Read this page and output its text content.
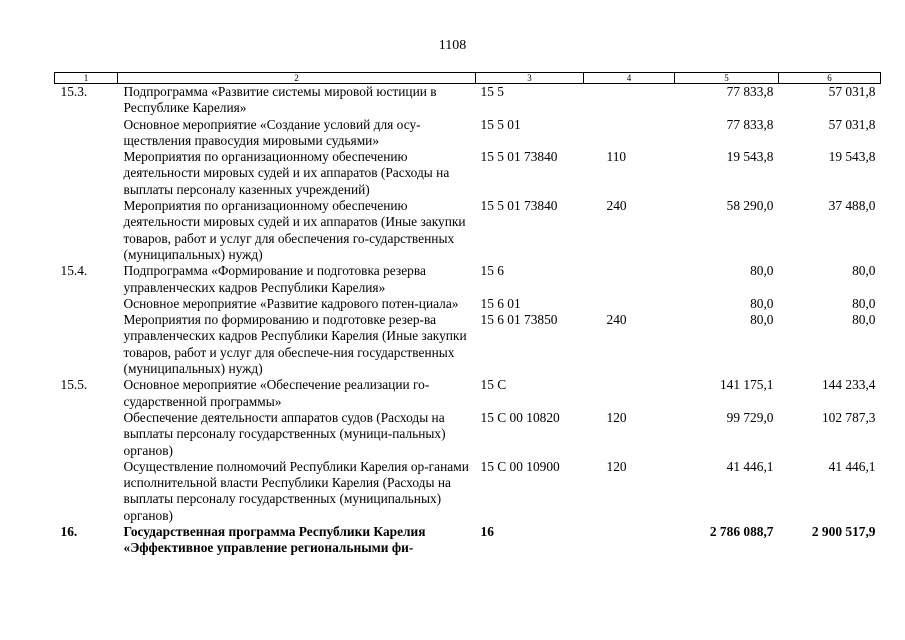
1108
1	2	3	4	5	6
15.3.	Подпрограмма «Развитие системы мировой юстиции в Республике Карелия»	15 5		77 833,8	57 031,8
	Основное мероприятие «Создание условий для осу-ществления правосудия мировыми судьями»	15 5 01		77 833,8	57 031,8
	Мероприятия по организационному обеспечению деятельности мировых судей и их аппаратов (Расходы на выплаты персоналу казенных учреждений)	15 5 01 73840	110	19 543,8	19 543,8
	Мероприятия по организационному обеспечению деятельности мировых судей и их аппаратов (Иные закупки товаров, работ и услуг для обеспечения го-сударственных (муниципальных) нужд)	15 5 01 73840	240	58 290,0	37 488,0
15.4.	Подпрограмма «Формирование и подготовка резерва управленческих кадров Республики Карелия»	15 6		80,0	80,0
	Основное мероприятие «Развитие кадрового потен-циала»	15 6 01		80,0	80,0
	Мероприятия по формированию и подготовке резер-ва управленческих кадров Республики Карелия (Иные закупки товаров, работ и услуг для обеспече-ния государственных (муниципальных) нужд)	15 6 01 73850	240	80,0	80,0
15.5.	Основное мероприятие «Обеспечение реализации го-сударственной программы»	15 С		141 175,1	144 233,4
	Обеспечение деятельности аппаратов судов (Расходы на выплаты персоналу государственных (муници-пальных) органов)	15 С 00 10820	120	99 729,0	102 787,3
	Осуществление полномочий Республики Карелия ор-ганами исполнительной власти Республики Карелия (Расходы на выплаты персоналу государственных (муниципальных) органов)	15 С 00 10900	120	41 446,1	41 446,1
16.	Государственная программа Республики Карелия «Эффективное управление региональными фи-	16		2 786 088,7	2 900 517,9
